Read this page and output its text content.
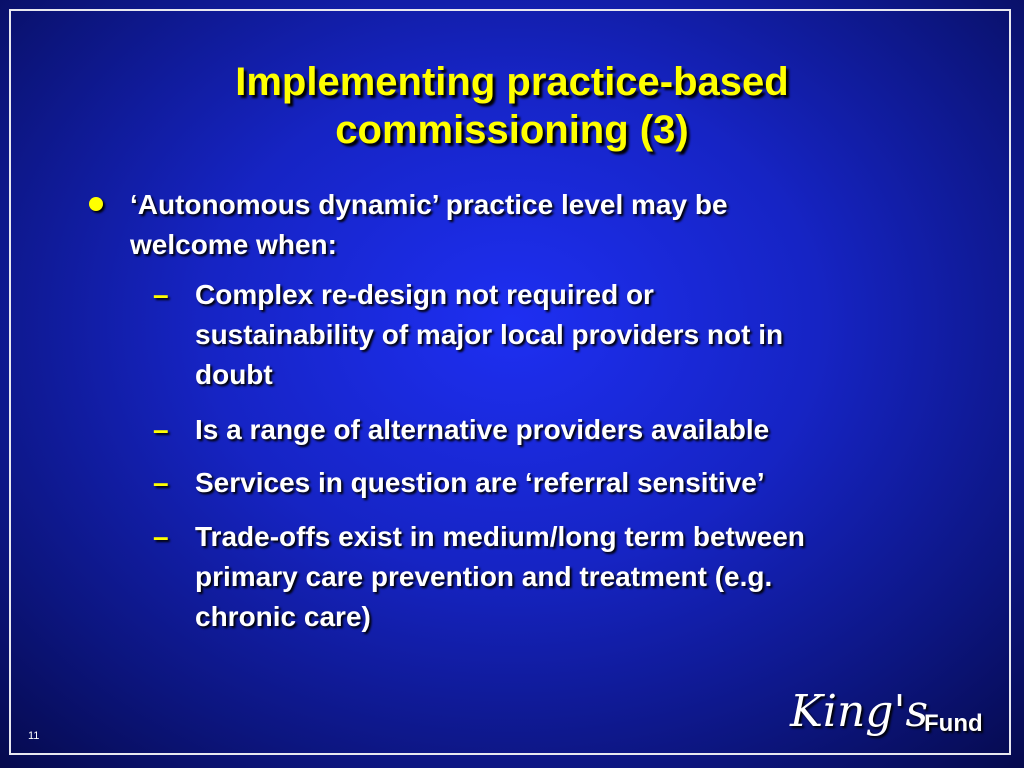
Implementing practice-based
commissioning (3)
‘Autonomous dynamic’ practice level may be
welcome when:
– Complex re-design not required or
sustainability of major local providers not in
doubt
– Is a range of alternative providers available
– Services in question are ‘referral sensitive’
– Trade-offs exist in medium/long term between
primary care prevention and treatment (e.g.
chronic care)
11	King's
Fund
